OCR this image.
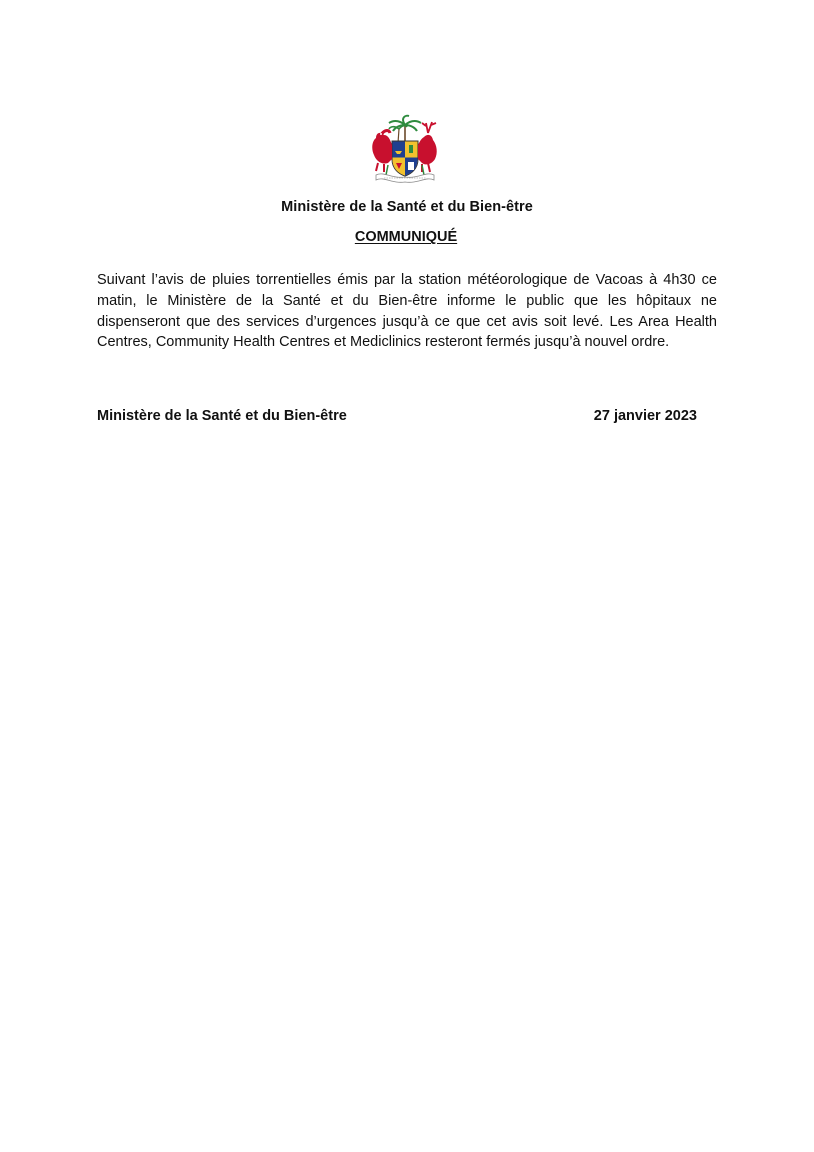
Ministère de la Santé et du Bien-être
COMMUNIQUÉ

Suivant l’avis de pluies torrentielles émis par la station météorologique de Vacoas à 4h30 ce matin, le Ministère de la Santé et du Bien-être informe le public que les hôpitaux ne dispenseront que des services d’urgences jusqu’à ce que cet avis soit levé. Les Area Health Centres, Community Health Centres et Mediclinics resteront fermés jusqu’à nouvel ordre.

Ministère de la Santé et du Bien-être	27 janvier 2023
